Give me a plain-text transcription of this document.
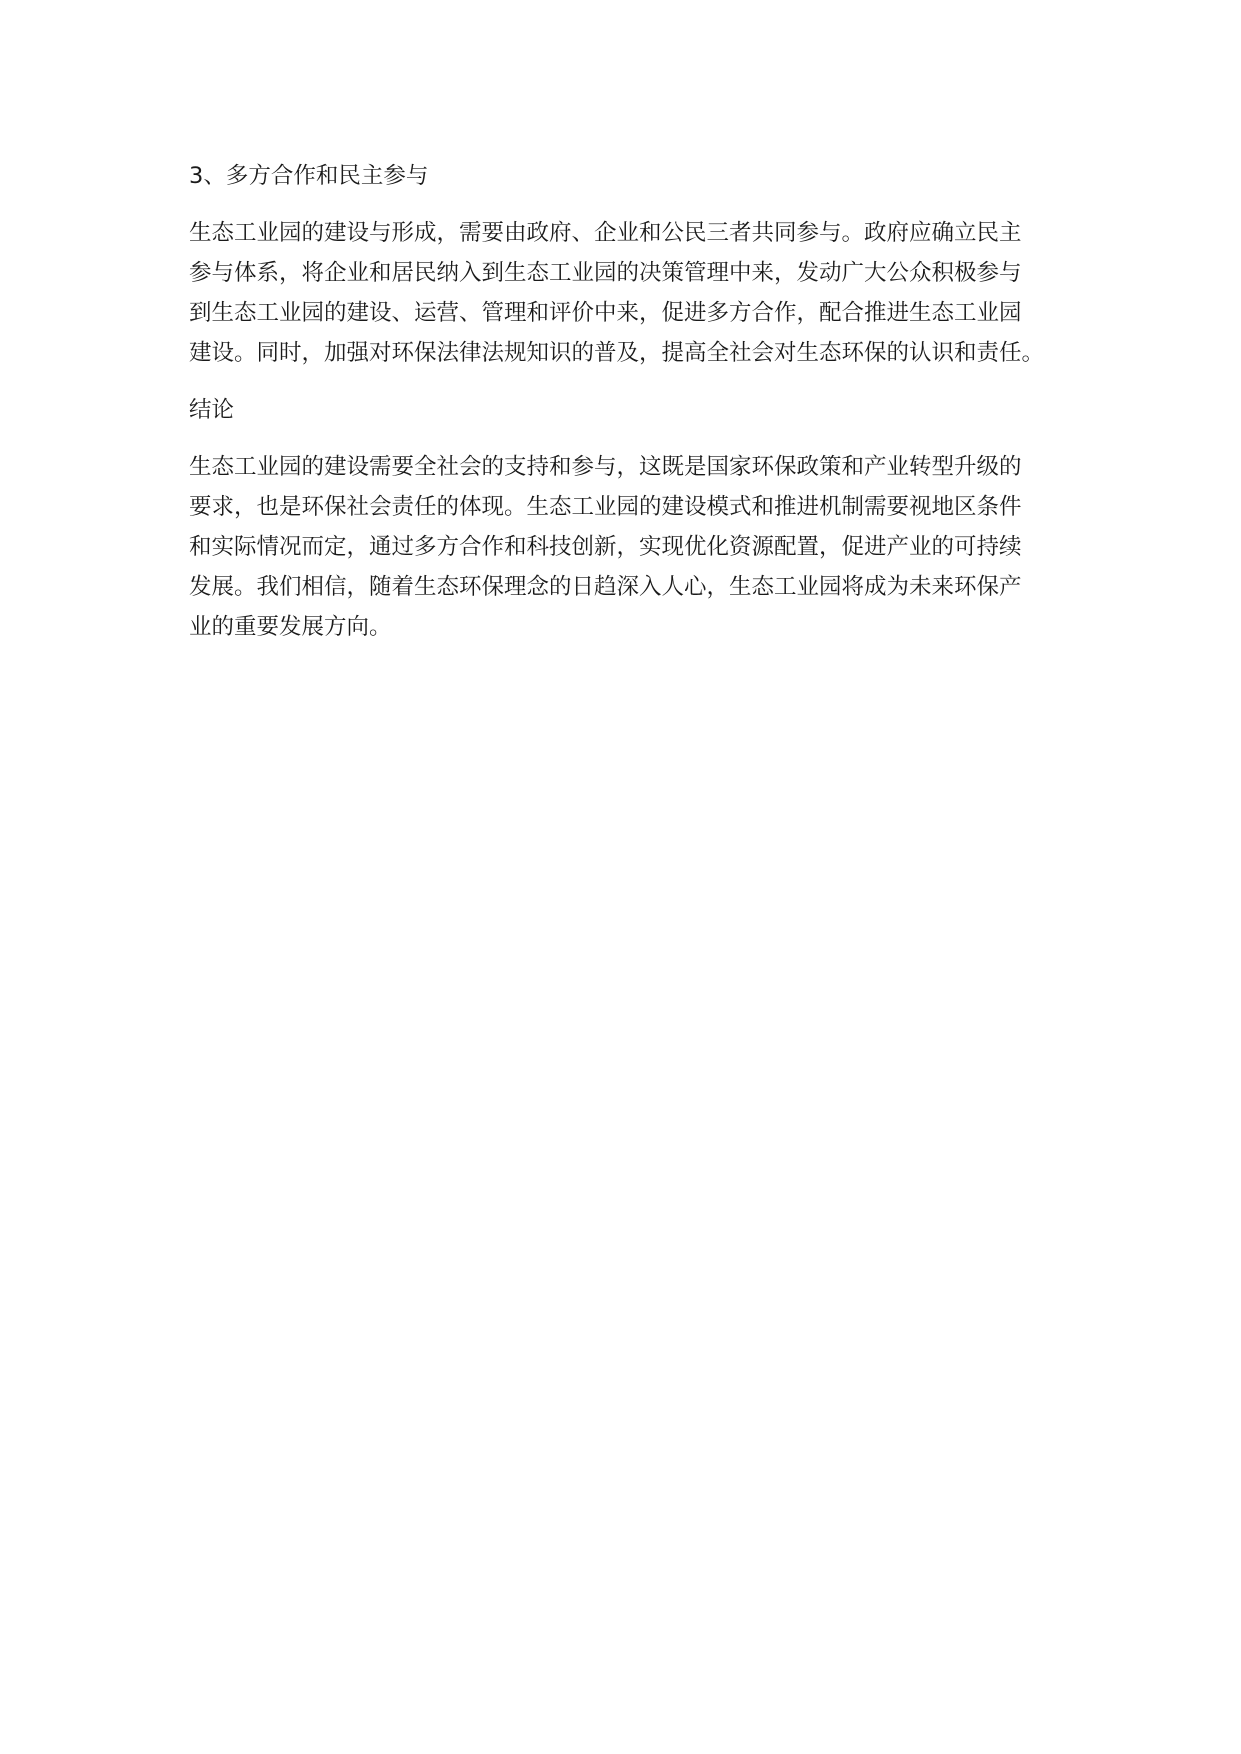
3、多方合作和民主参与
生态工业园的建设与形成，需要由政府、企业和公民三者共同参与。政府应确立民主
参与体系，将企业和居民纳入到生态工业园的决策管理中来，发动广大公众积极参与
到生态工业园的建设、运营、管理和评价中来，促进多方合作，配合推进生态工业园
建设。同时，加强对环保法律法规知识的普及，提高全社会对生态环保的认识和责任。
结论
生态工业园的建设需要全社会的支持和参与，这既是国家环保政策和产业转型升级的
要求，也是环保社会责任的体现。生态工业园的建设模式和推进机制需要视地区条件
和实际情况而定，通过多方合作和科技创新，实现优化资源配置，促进产业的可持续
发展。我们相信，随着生态环保理念的日趋深入人心，生态工业园将成为未来环保产
业的重要发展方向。
